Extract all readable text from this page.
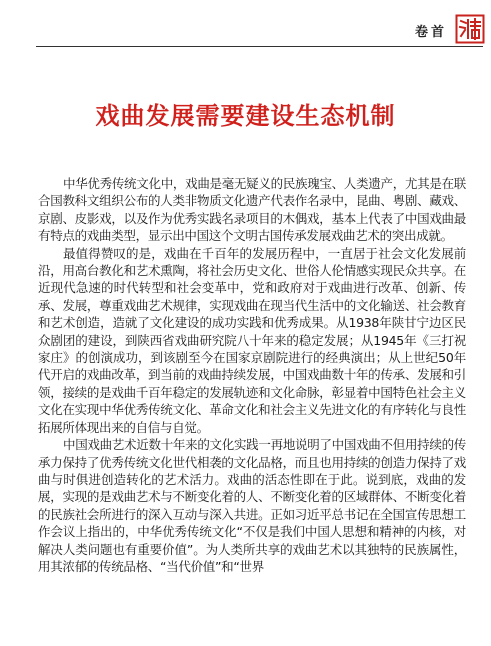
卷首
戏曲发展需要建设生态机制

中华优秀传统文化中，戏曲是毫无疑义的民族瑰宝、人类遗产，尤其是在联合国教科文组织公布的人类非物质文化遗产代表作名录中，昆曲、粤剧、藏戏、京剧、皮影戏，以及作为优秀实践名录项目的木偶戏，基本上代表了中国戏曲最有特点的戏曲类型，显示出中国这个文明古国传承发展戏曲艺术的突出成就。

最值得赞叹的是，戏曲在千百年的发展历程中，一直居于社会文化发展前沿，用高台教化和艺术熏陶，将社会历史文化、世俗人伦情感实现民众共享。在近现代急速的时代转型和社会变革中，党和政府对于戏曲进行改革、创新、传承、发展，尊重戏曲艺术规律，实现戏曲在现当代生活中的文化输送、社会教育和艺术创造，造就了文化建设的成功实践和优秀成果。从1938年陕甘宁边区民众剧团的建设，到陕西省戏曲研究院八十年来的稳定发展；从1945年《三打祝家庄》的创演成功，到该剧至今在国家京剧院进行的经典演出；从上世纪50年代开启的戏曲改革，到当前的戏曲持续发展，中国戏曲数十年的传承、发展和引领，接续的是戏曲千百年稳定的发展轨迹和文化命脉，彰显着中国特色社会主义文化在实现中华优秀传统文化、革命文化和社会主义先进文化的有序转化与良性拓展所体现出来的自信与自觉。

中国戏曲艺术近数十年来的文化实践一再地说明了中国戏曲不但用持续的传承力保持了优秀传统文化世代相袭的文化品格，而且也用持续的创造力保持了戏曲与时俱进创造转化的艺术活力。戏曲的活态性即在于此。说到底，戏曲的发展，实现的是戏曲艺术与不断变化着的人、不断变化着的区域群体、不断变化着的民族社会所进行的深入互动与深入共进。正如习近平总书记在全国宣传思想工作会议上指出的，中华优秀传统文化“不仅是我们中国人思想和精神的内核，对解决人类问题也有重要价值”。为人类所共享的戏曲艺术以其独特的民族属性，用其浓郁的传统品格、“当代价值”和“世界
